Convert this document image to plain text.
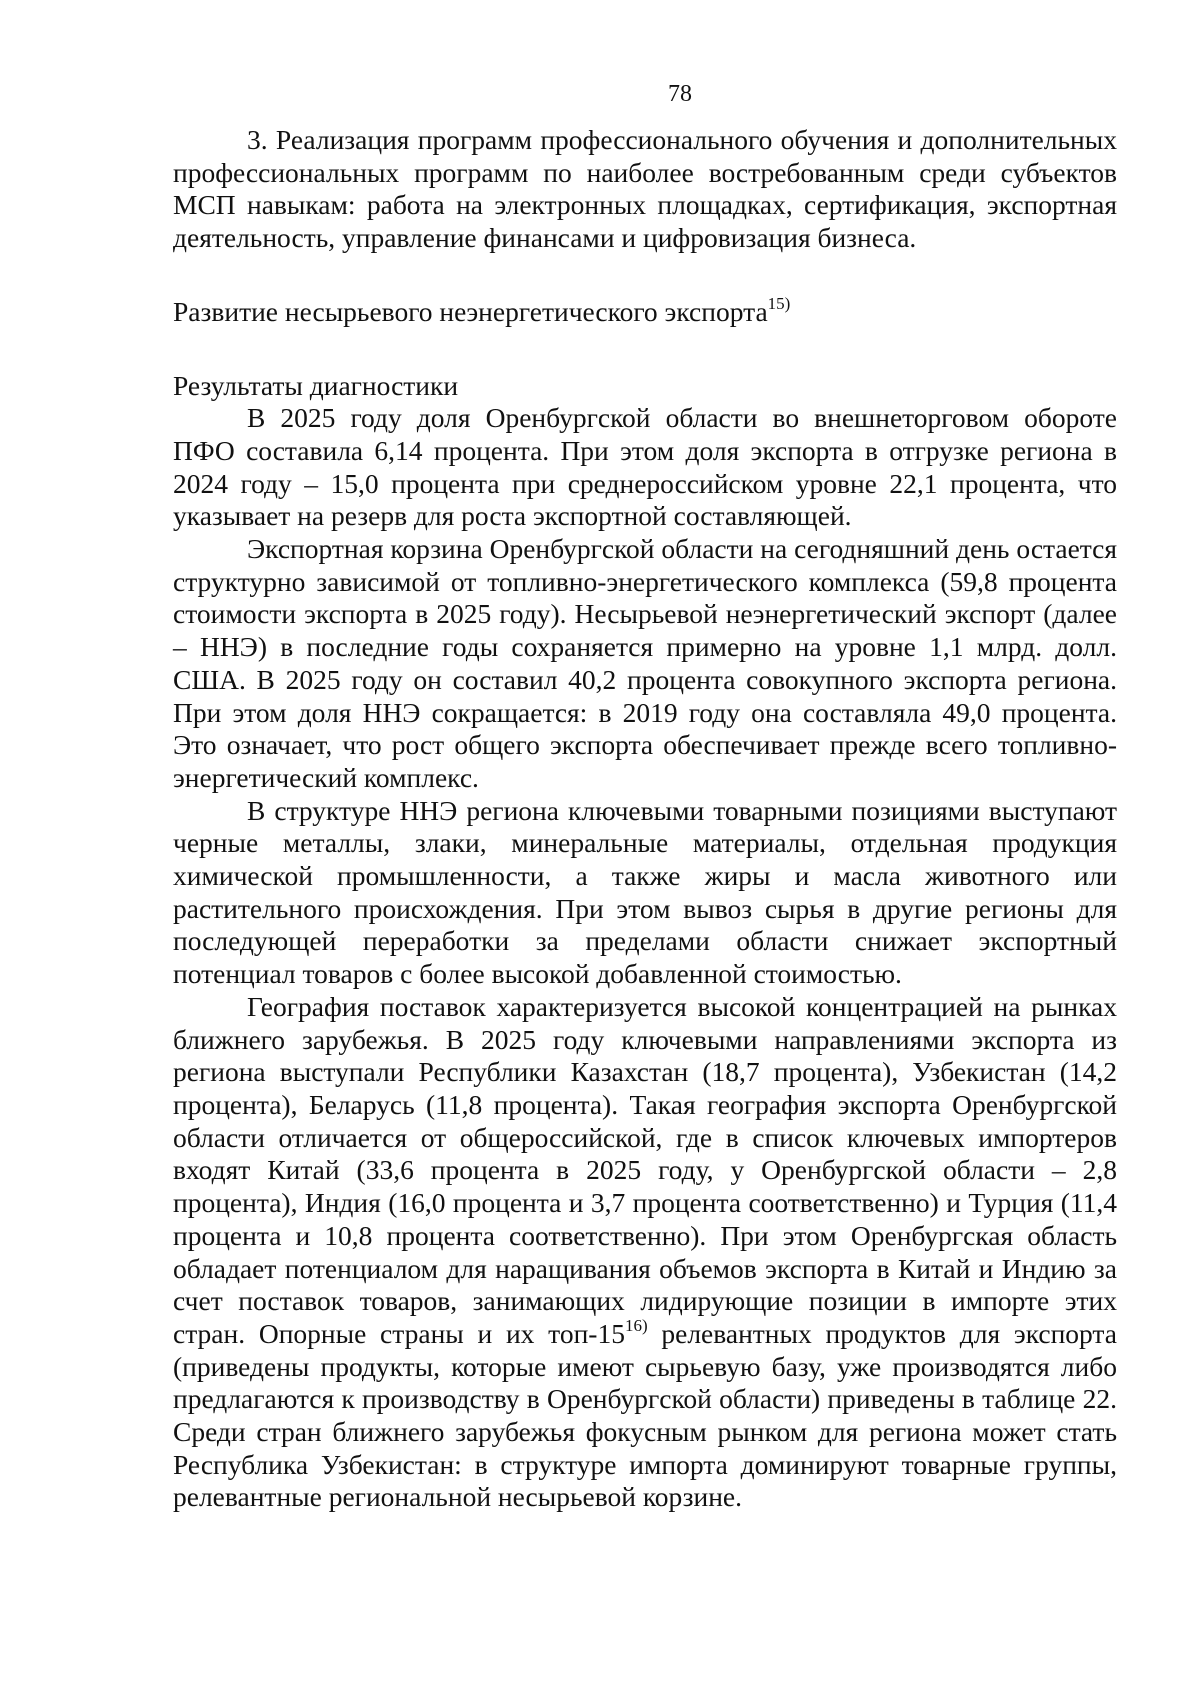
78

3. Реализация программ профессионального обучения и дополнительных профессиональных программ по наиболее востребованным среди субъектов МСП навыкам: работа на электронных площадках, сертификация, экспортная деятельность, управление финансами и цифровизация бизнеса.

Развитие несырьевого неэнергетического экспорта$^{15)}$

Результаты диагностики

В 2025 году доля Оренбургской области во внешнеторговом обороте ПФО составила 6,14 процента. При этом доля экспорта в отгрузке региона в 2024 году – 15,0 процента при среднероссийском уровне 22,1 процента, что указывает на резерв для роста экспортной составляющей.

Экспортная корзина Оренбургской области на сегодняшний день остается структурно зависимой от топливно-энергетического комплекса (59,8 процента стоимости экспорта в 2025 году). Несырьевой неэнергетический экспорт (далее – ННЭ) в последние годы сохраняется примерно на уровне 1,1 млрд. долл. США. В 2025 году он составил 40,2 процента совокупного экспорта региона. При этом доля ННЭ сокращается: в 2019 году она составляла 49,0 процента. Это означает, что рост общего экспорта обеспечивает прежде всего топливно-энергетический комплекс.

В структуре ННЭ региона ключевыми товарными позициями выступают черные металлы, злаки, минеральные материалы, отдельная продукция химической промышленности, а также жиры и масла животного или растительного происхождения. При этом вывоз сырья в другие регионы для последующей переработки за пределами области снижает экспортный потенциал товаров с более высокой добавленной стоимостью.

География поставок характеризуется высокой концентрацией на рынках ближнего зарубежья. В 2025 году ключевыми направлениями экспорта из региона выступали Республики Казахстан (18,7 процента), Узбекистан (14,2 процента), Беларусь (11,8 процента). Такая география экспорта Оренбургской области отличается от общероссийской, где в список ключевых импортеров входят Китай (33,6 процента в 2025 году, у Оренбургской области – 2,8 процента), Индия (16,0 процента и 3,7 процента соответственно) и Турция (11,4 процента и 10,8 процента соответственно). При этом Оренбургская область обладает потенциалом для наращивания объемов экспорта в Китай и Индию за счет поставок товаров, занимающих лидирующие позиции в импорте этих стран. Опорные страны и их топ-15$^{16)}$ релевантных продуктов для экспорта (приведены продукты, которые имеют сырьевую базу, уже производятся либо предлагаются к производству в Оренбургской области) приведены в таблице 22. Среди стран ближнего зарубежья фокусным рынком для региона может стать Республика Узбекистан: в структуре импорта доминируют товарные группы, релевантные региональной несырьевой корзине.
